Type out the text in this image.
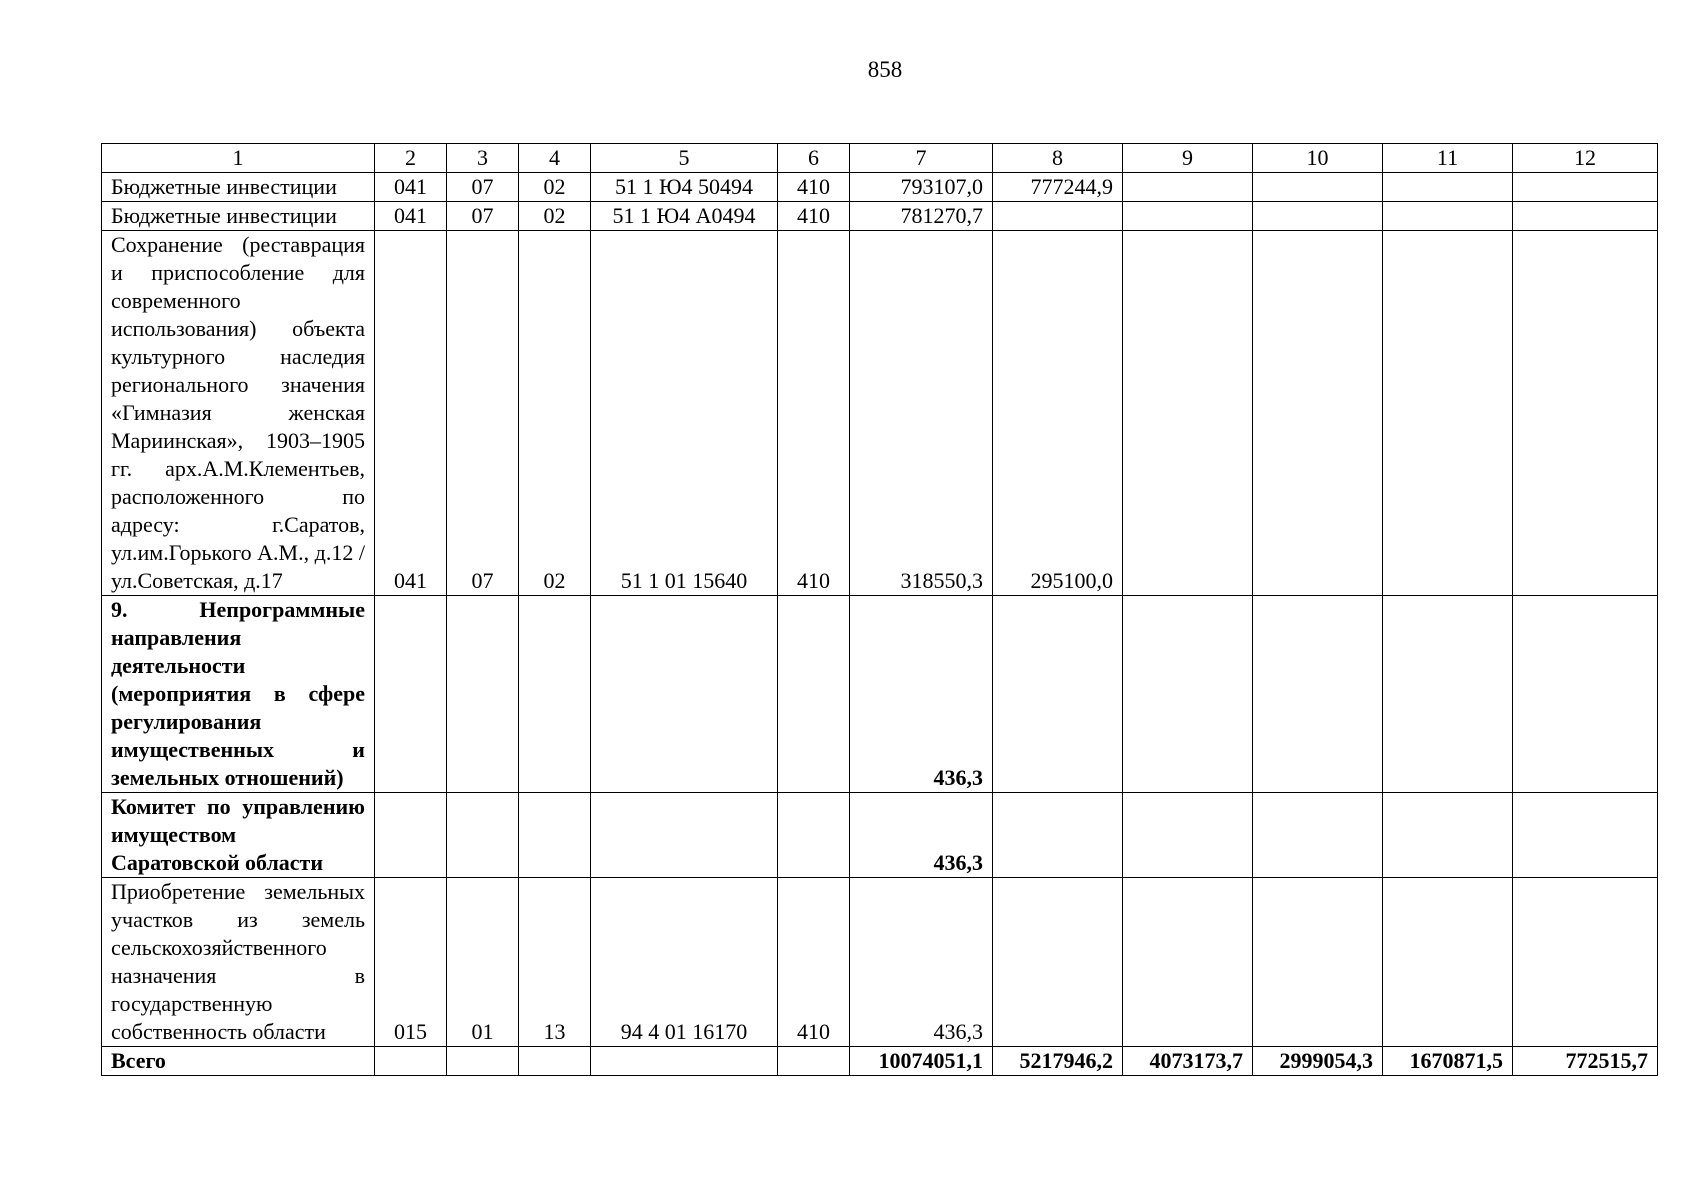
858
1	2	3	4	5	6	7	8	9	10	11	12
Бюджетные инвестиции	041	07	02	51 1 Ю4 50494	410	793107,0	777244,9				
Бюджетные инвестиции	041	07	02	51 1 Ю4 А0494	410	781270,7					
Сохранение (реставрация и приспособление для современного использования) объекта культурного наследия регионального значения «Гимназия женская Мариинская», 1903–1905 гг. арх.А.М.Клементьев, расположенного по адресу: г.Саратов, ул.им.Горького А.М., д.12 / ул.Советская, д.17	041	07	02	51 1 01 15640	410	318550,3	295100,0				
9. Непрограммные направления деятельности (мероприятия в сфере регулирования имущественных и земельных отношений)						436,3					
Комитет по управлению имуществом Саратовской области						436,3					
Приобретение земельных участков из земель сельскохозяйственного назначения в государственную собственность области	015	01	13	94 4 01 16170	410	436,3					
Всего						10074051,1	5217946,2	4073173,7	2999054,3	1670871,5	772515,7
